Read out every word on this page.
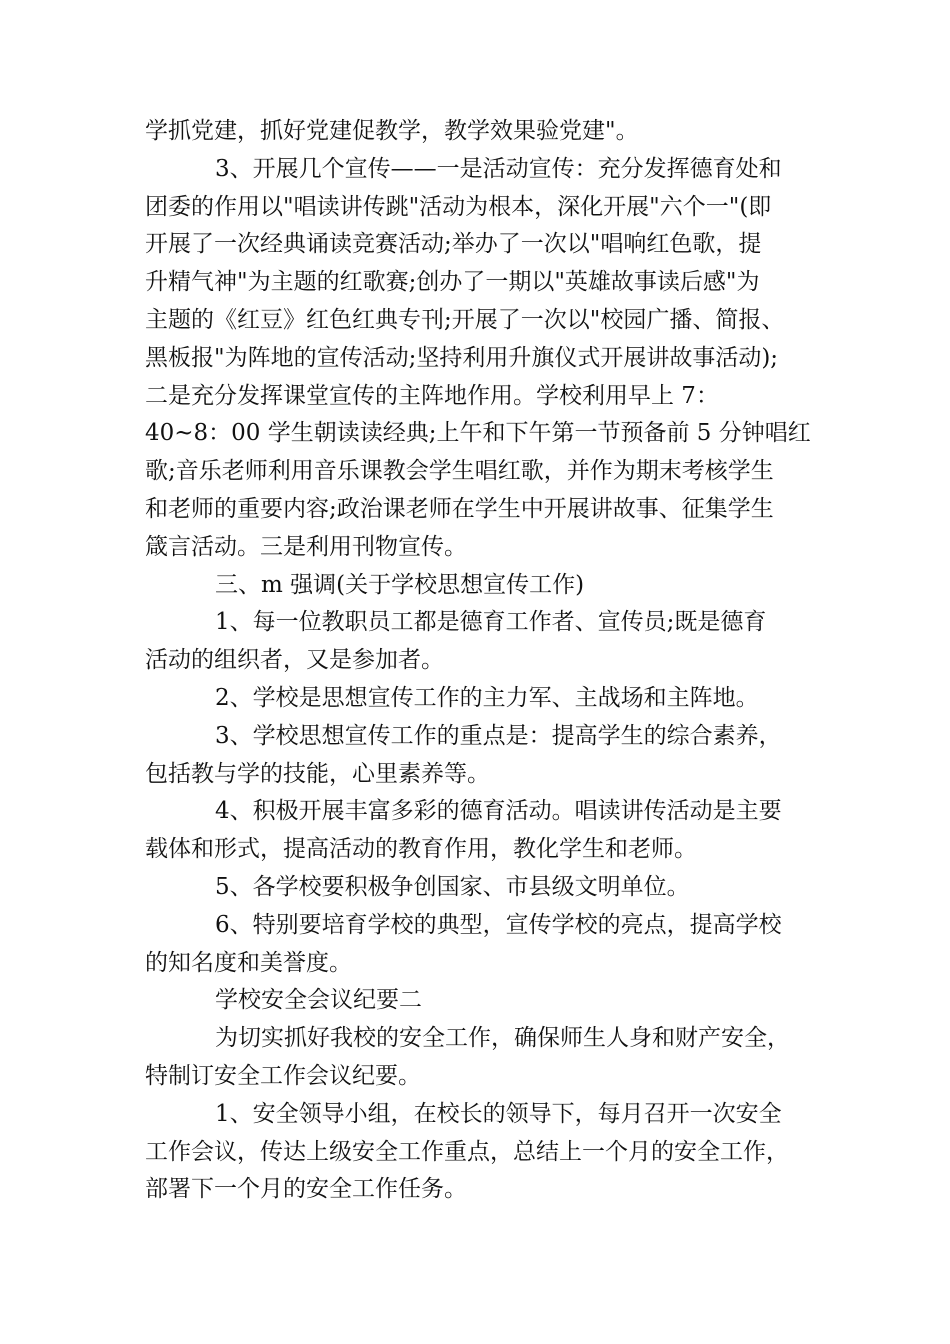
学抓党建，抓好党建促教学，教学效果验党建"。
3、开展几个宣传——一是活动宣传：充分发挥德育处和
团委的作用以"唱读讲传跳"活动为根本，深化开展"六个一"(即
开展了一次经典诵读竞赛活动;举办了一次以"唱响红色歌，提
升精气神"为主题的红歌赛;创办了一期以"英雄故事读后感"为
主题的《红豆》红色红典专刊;开展了一次以"校园广播、简报、
黑板报"为阵地的宣传活动;坚持利用升旗仪式开展讲故事活动);
二是充分发挥课堂宣传的主阵地作用。学校利用早上 7：
40~8：00 学生朝读读经典;上午和下午第一节预备前 5 分钟唱红
歌;音乐老师利用音乐课教会学生唱红歌，并作为期末考核学生
和老师的重要内容;政治课老师在学生中开展讲故事、征集学生
箴言活动。三是利用刊物宣传。
三、m 强调(关于学校思想宣传工作)
1、每一位教职员工都是德育工作者、宣传员;既是德育
活动的组织者，又是参加者。
2、学校是思想宣传工作的主力军、主战场和主阵地。
3、学校思想宣传工作的重点是：提高学生的综合素养，
包括教与学的技能，心里素养等。
4、积极开展丰富多彩的德育活动。唱读讲传活动是主要
载体和形式，提高活动的教育作用，教化学生和老师。
5、各学校要积极争创国家、市县级文明单位。
6、特别要培育学校的典型，宣传学校的亮点，提高学校
的知名度和美誉度。
学校安全会议纪要二
为切实抓好我校的安全工作，确保师生人身和财产安全，
特制订安全工作会议纪要。
1、安全领导小组，在校长的领导下，每月召开一次安全
工作会议，传达上级安全工作重点，总结上一个月的安全工作，
部署下一个月的安全工作任务。
